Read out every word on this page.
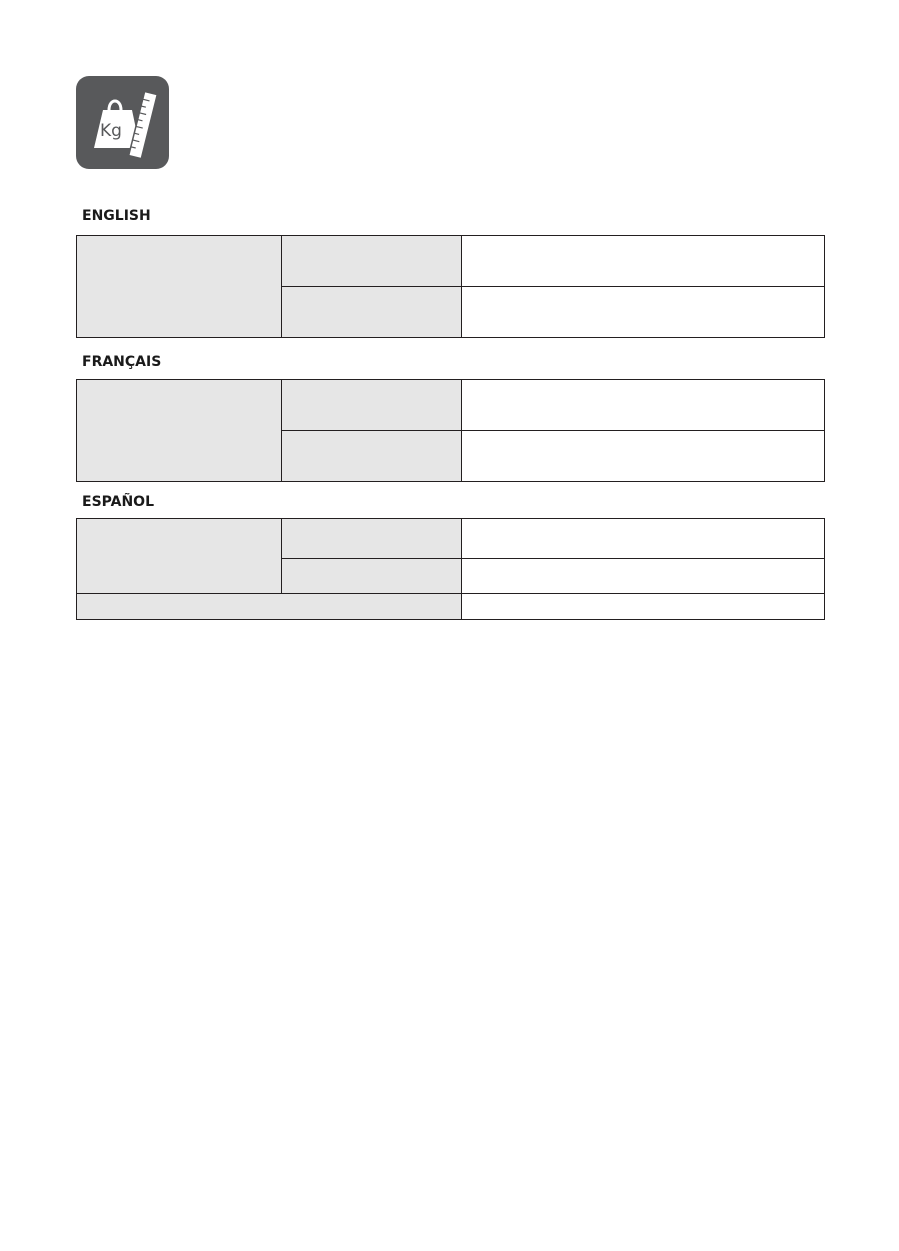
Kg
ENGLISH

FRANÇAIS

ESPAÑOL
